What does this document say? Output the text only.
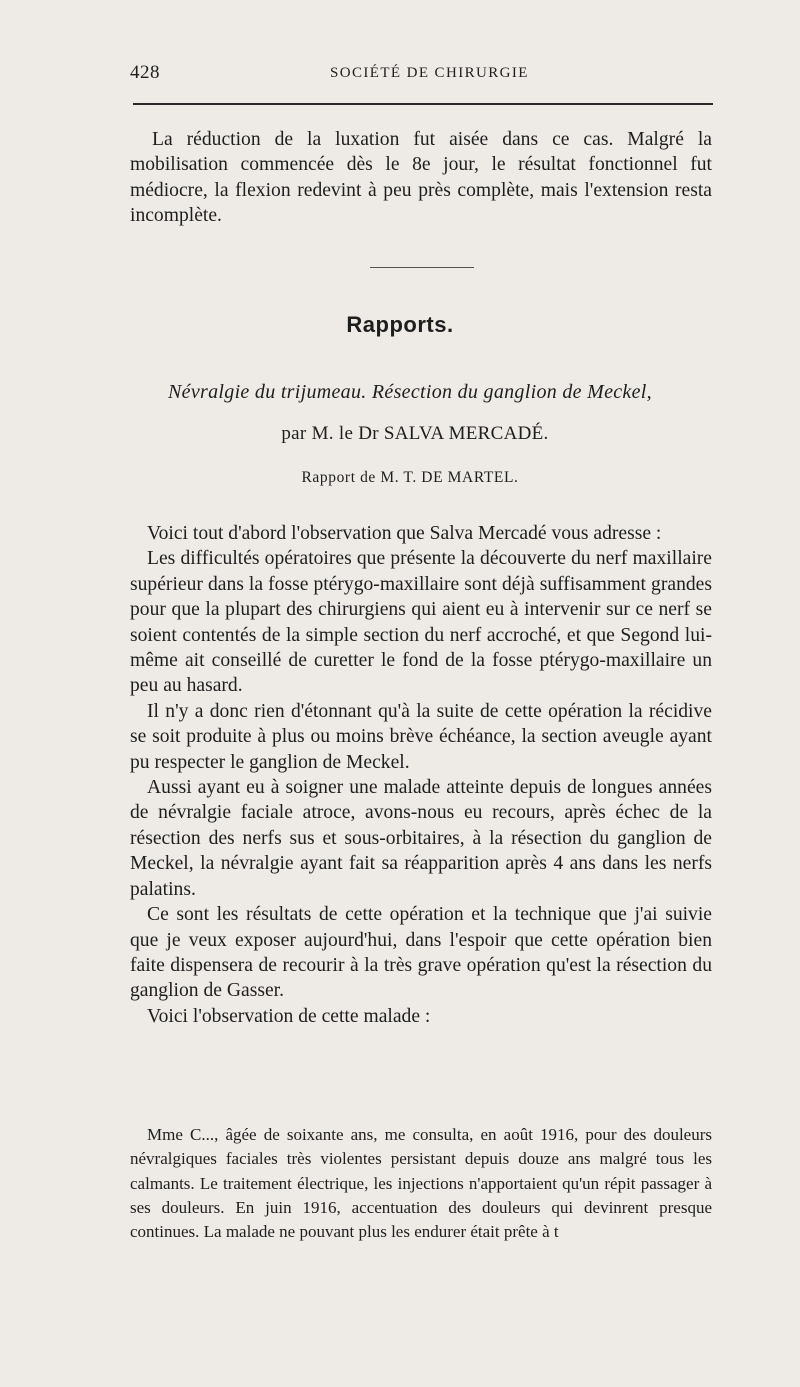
428	SOCIÉTÉ DE CHIRURGIE

La réduction de la luxation fut aisée dans ce cas. Malgré la mobilisation commencée dès le 8e jour, le résultat fonctionnel fut médiocre, la flexion redevint à peu près complète, mais l'extension resta incomplète.

Rapports.
Névralgie du trijumeau. Résection du ganglion de Meckel,
par M. le Dr SALVA MERCADÉ.
Rapport de M. T. DE MARTEL.

Voici tout d'abord l'observation que Salva Mercadé vous adresse :

Les difficultés opératoires que présente la découverte du nerf maxillaire supérieur dans la fosse ptérygo-maxillaire sont déjà suffisamment grandes pour que la plupart des chirurgiens qui aient eu à intervenir sur ce nerf se soient contentés de la simple section du nerf accroché, et que Segond lui-même ait conseillé de curetter le fond de la fosse ptérygo-maxillaire un peu au hasard.

Il n'y a donc rien d'étonnant qu'à la suite de cette opération la récidive se soit produite à plus ou moins brève échéance, la section aveugle ayant pu respecter le ganglion de Meckel.

Aussi ayant eu à soigner une malade atteinte depuis de longues années de névralgie faciale atroce, avons-nous eu recours, après échec de la résection des nerfs sus et sous-orbitaires, à la résection du ganglion de Meckel, la névralgie ayant fait sa réapparition après 4 ans dans les nerfs palatins.

Ce sont les résultats de cette opération et la technique que j'ai suivie que je veux exposer aujourd'hui, dans l'espoir que cette opération bien faite dispensera de recourir à la très grave opération qu'est la résection du ganglion de Gasser.

Voici l'observation de cette malade :

Mme C..., âgée de soixante ans, me consulta, en août 1916, pour des douleurs névralgiques faciales très violentes persistant depuis douze ans malgré tous les calmants. Le traitement électrique, les injections n'apportaient qu'un répit passager à ses douleurs. En juin 1916, accentuation des douleurs qui devinrent presque continues. La malade ne pouvant plus les endurer était prête à t
